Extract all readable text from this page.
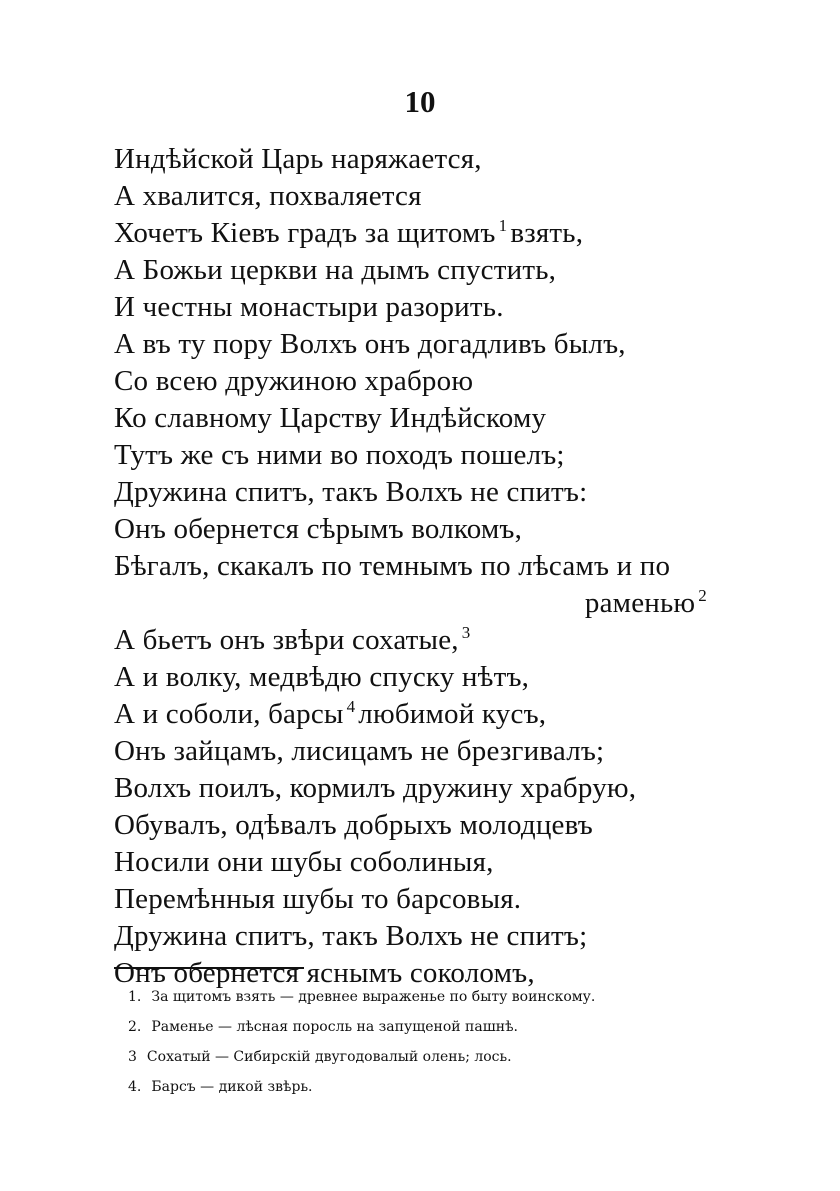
10
Индѣйской Царь наряжается,
А хвалится, похваляется
Хочетъ Кіевъ градъ за щитомъ $^1$ взять,
А Божьи церкви на дымъ спустить,
И честны монастыри разорить.
А въ ту пору Волхъ онъ догадливъ былъ,
Со всею дружиною храброю
Ко славному Царству Индѣйскому
Тутъ же съ ними во походъ пошелъ;
Дружина спитъ, такъ Волхъ не спитъ:
Онъ обернется сѣрымъ волкомъ,
Бѣгалъ, скакалъ по темнымъ по лѣсамъ и по
раменью $^2$
А бьетъ онъ звѣри сохатые, $^3$
А и волку, медвѣдю спуску нѣтъ,
А и соболи, барсы $^4$ любимой кусъ,
Онъ зайцамъ, лисицамъ не брезгивалъ;
Волхъ поилъ, кормилъ дружину храбрую,
Обувалъ, одѣвалъ добрыхъ молодцевъ
Носили они шубы соболиныя,
Перемѣнныя шубы то барсовыя.
Дружина спитъ, такъ Волхъ не спитъ;
Онъ обернется яснымъ соколомъ,
1. За щитомъ взять — древнее выраженье по быту воинскому.
2. Раменье — лѣсная поросль на запущеной пашнѣ.
3 Сохатый — Сибирскій двугодовалый олень; лось.
4. Барсъ — дикой звѣрь.
